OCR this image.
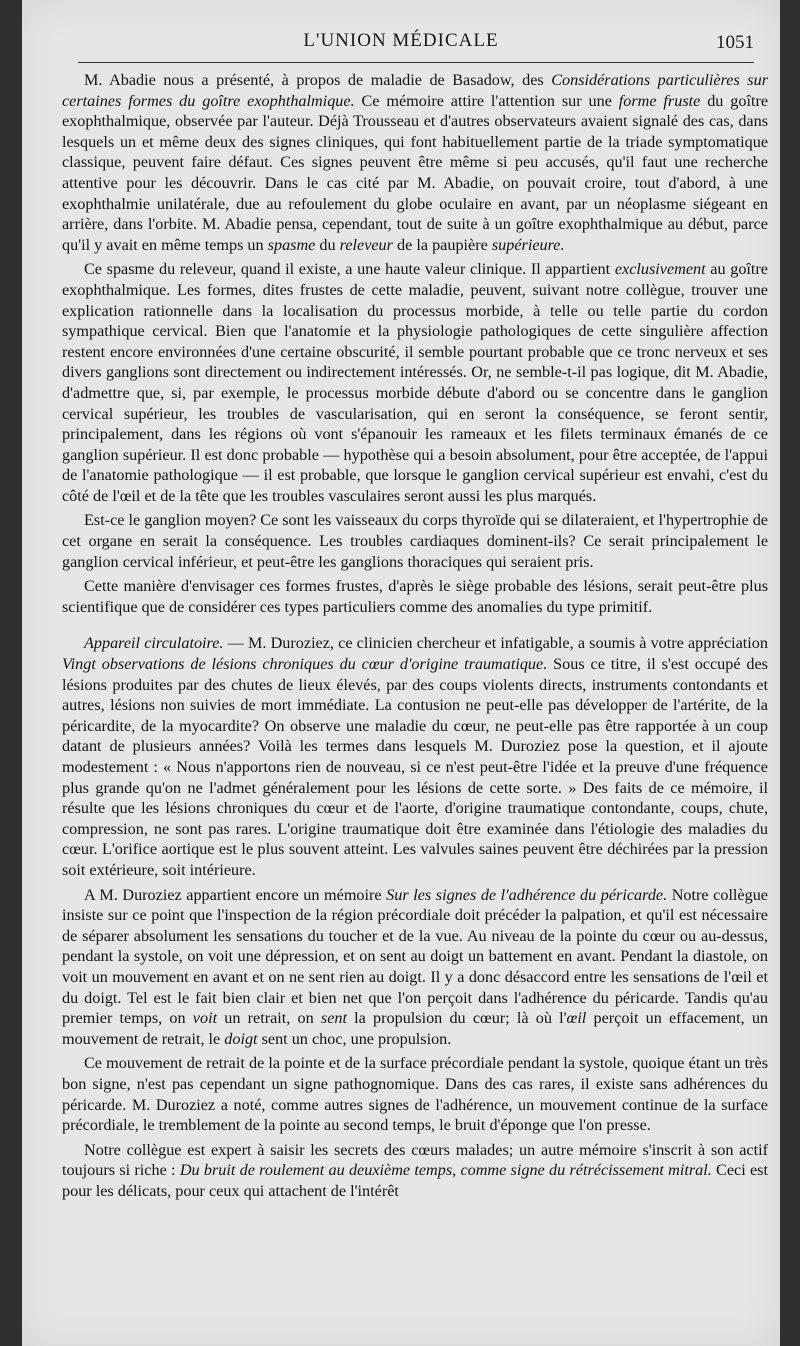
L'UNION MÉDICALE	1051

M. Abadie nous a présenté, à propos de maladie de Basadow, des Considérations particulières sur certaines formes du goître exophthalmique. Ce mémoire attire l'attention sur une forme fruste du goître exophthalmique, observée par l'auteur. Déjà Trousseau et d'autres observateurs avaient signalé des cas, dans lesquels un et même deux des signes cliniques, qui font habituellement partie de la triade symptomatique classique, peuvent faire défaut. Ces signes peuvent être même si peu accusés, qu'il faut une recherche attentive pour les découvrir. Dans le cas cité par M. Abadie, on pouvait croire, tout d'abord, à une exophthalmie unilatérale, due au refoulement du globe oculaire en avant, par un néoplasme siégeant en arrière, dans l'orbite. M. Abadie pensa, cependant, tout de suite à un goître exophthalmique au début, parce qu'il y avait en même temps un spasme du releveur de la paupière supérieure.

Ce spasme du releveur, quand il existe, a une haute valeur clinique. Il appartient exclusivement au goître exophthalmique. Les formes, dites frustes de cette maladie, peuvent, suivant notre collègue, trouver une explication rationnelle dans la localisation du processus morbide, à telle ou telle partie du cordon sympathique cervical. Bien que l'anatomie et la physiologie pathologiques de cette singulière affection restent encore environnées d'une certaine obscurité, il semble pourtant probable que ce tronc nerveux et ses divers ganglions sont directement ou indirectement intéressés. Or, ne semble-t-il pas logique, dit M. Abadie, d'admettre que, si, par exemple, le processus morbide débute d'abord ou se concentre dans le ganglion cervical supérieur, les troubles de vascularisation, qui en seront la conséquence, se feront sentir, principalement, dans les régions où vont s'épanouir les rameaux et les filets terminaux émanés de ce ganglion supérieur. Il est donc probable — hypothèse qui a besoin absolument, pour être acceptée, de l'appui de l'anatomie pathologique — il est probable, que lorsque le ganglion cervical supérieur est envahi, c'est du côté de l'œil et de la tête que les troubles vasculaires seront aussi les plus marqués.

Est-ce le ganglion moyen? Ce sont les vaisseaux du corps thyroïde qui se dilateraient, et l'hypertrophie de cet organe en serait la conséquence. Les troubles cardiaques dominent-ils? Ce serait principalement le ganglion cervical inférieur, et peut-être les ganglions thoraciques qui seraient pris.

Cette manière d'envisager ces formes frustes, d'après le siège probable des lésions, serait peut-être plus scientifique que de considérer ces types particuliers comme des anomalies du type primitif.

Appareil circulatoire. — M. Duroziez, ce clinicien chercheur et infatigable, a soumis à votre appréciation Vingt observations de lésions chroniques du cœur d'origine traumatique. Sous ce titre, il s'est occupé des lésions produites par des chutes de lieux élevés, par des coups violents directs, instruments contondants et autres, lésions non suivies de mort immédiate. La contusion ne peut-elle pas développer de l'artérite, de la péricardite, de la myocardite? On observe une maladie du cœur, ne peut-elle pas être rapportée à un coup datant de plusieurs années? Voilà les termes dans lesquels M. Duroziez pose la question, et il ajoute modestement : « Nous n'apportons rien de nouveau, si ce n'est peut-être l'idée et la preuve d'une fréquence plus grande qu'on ne l'admet généralement pour les lésions de cette sorte. » Des faits de ce mémoire, il résulte que les lésions chroniques du cœur et de l'aorte, d'origine traumatique contondante, coups, chute, compression, ne sont pas rares. L'origine traumatique doit être examinée dans l'étiologie des maladies du cœur. L'orifice aortique est le plus souvent atteint. Les valvules saines peuvent être déchirées par la pression soit extérieure, soit intérieure.

A M. Duroziez appartient encore un mémoire Sur les signes de l'adhérence du péricarde. Notre collègue insiste sur ce point que l'inspection de la région précordiale doit précéder la palpation, et qu'il est nécessaire de séparer absolument les sensations du toucher et de la vue. Au niveau de la pointe du cœur ou au-dessus, pendant la systole, on voit une dépression, et on sent au doigt un battement en avant. Pendant la diastole, on voit un mouvement en avant et on ne sent rien au doigt. Il y a donc désaccord entre les sensations de l'œil et du doigt. Tel est le fait bien clair et bien net que l'on perçoit dans l'adhérence du péricarde. Tandis qu'au premier temps, on voit un retrait, on sent la propulsion du cœur; là où l'œil perçoit un effacement, un mouvement de retrait, le doigt sent un choc, une propulsion.

Ce mouvement de retrait de la pointe et de la surface précordiale pendant la systole, quoique étant un très bon signe, n'est pas cependant un signe pathognomique. Dans des cas rares, il existe sans adhérences du péricarde. M. Duroziez a noté, comme autres signes de l'adhérence, un mouvement continue de la surface précordiale, le tremblement de la pointe au second temps, le bruit d'éponge que l'on presse.

Notre collègue est expert à saisir les secrets des cœurs malades; un autre mémoire s'inscrit à son actif toujours si riche : Du bruit de roulement au deuxième temps, comme signe du rétrécissement mitral. Ceci est pour les délicats, pour ceux qui attachent de l'intérêt
